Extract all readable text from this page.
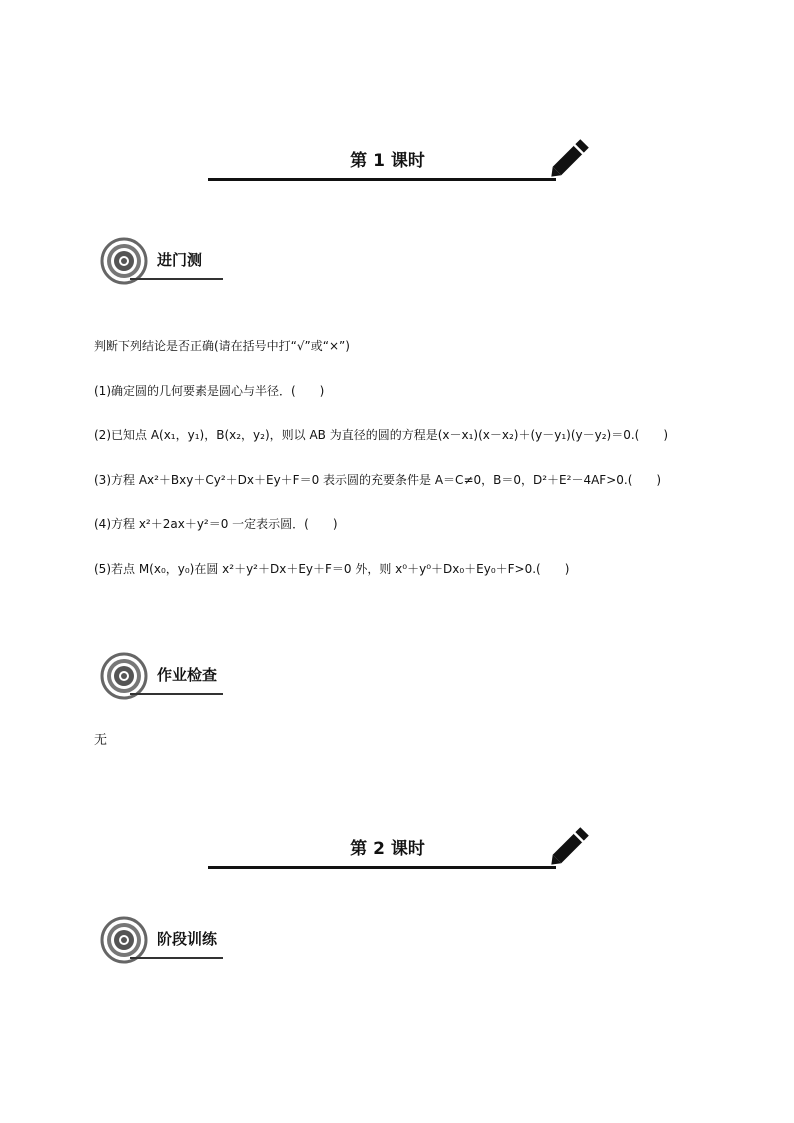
第 1 课时
进门测
判断下列结论是否正确(请在括号中打“√”或“×”)
(1)确定圆的几何要素是圆心与半径．(　　)
(2)已知点 A(x₁，y₁)，B(x₂，y₂)，则以 AB 为直径的圆的方程是(x－x₁)(x－x₂)＋(y－y₁)(y－y₂)＝0.(　　)
(3)方程 Ax²＋Bxy＋Cy²＋Dx＋Ey＋F＝0 表示圆的充要条件是 A＝C≠0，B＝0，D²＋E²－4AF>0.(　　)
(4)方程 x²＋2ax＋y²＝0 一定表示圆．(　　)
(5)若点 M(x₀，y₀)在圆 x²＋y²＋Dx＋Ey＋F＝0 外，则 x⁰＋y⁰＋Dx₀＋Ey₀＋F>0.(　　)
作业检查
无
第 2 课时
阶段训练
